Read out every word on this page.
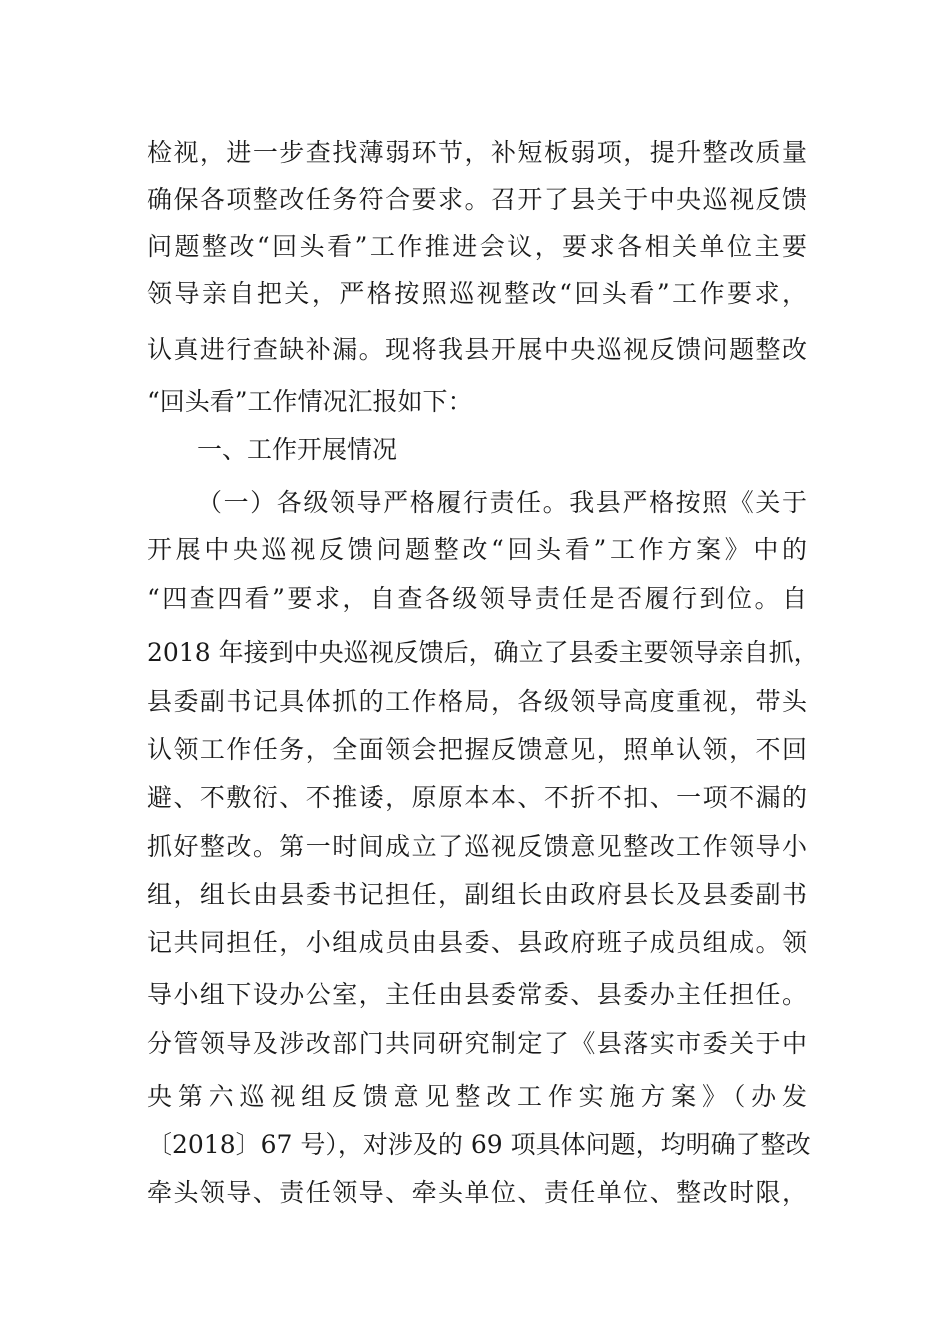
检视，进一步查找薄弱环节，补短板弱项，提升整改质量
确保各项整改任务符合要求。召开了县关于中央巡视反馈
问题整改“回头看”工作推进会议，要求各相关单位主要
领导亲自把关，严格按照巡视整改“回头看”工作要求，
认真进行查缺补漏。现将我县开展中央巡视反馈问题整改
“回头看”工作情况汇报如下：
一、工作开展情况
（一）各级领导严格履行责任。我县严格按照《关于
开展中央巡视反馈问题整改“回头看”工作方案》中的
“四查四看”要求，自查各级领导责任是否履行到位。自
2018 年接到中央巡视反馈后，确立了县委主要领导亲自抓，
县委副书记具体抓的工作格局，各级领导高度重视，带头
认领工作任务，全面领会把握反馈意见，照单认领，不回
避、不敷衍、不推诿，原原本本、不折不扣、一项不漏的
抓好整改。第一时间成立了巡视反馈意见整改工作领导小
组，组长由县委书记担任，副组长由政府县长及县委副书
记共同担任，小组成员由县委、县政府班子成员组成。领
导小组下设办公室，主任由县委常委、县委办主任担任。
分管领导及涉改部门共同研究制定了《县落实市委关于中
央第六巡视组反馈意见整改工作实施方案》（办发
〔2018〕67 号），对涉及的 69 项具体问题，均明确了整改
牵头领导、责任领导、牵头单位、责任单位、整改时限，
